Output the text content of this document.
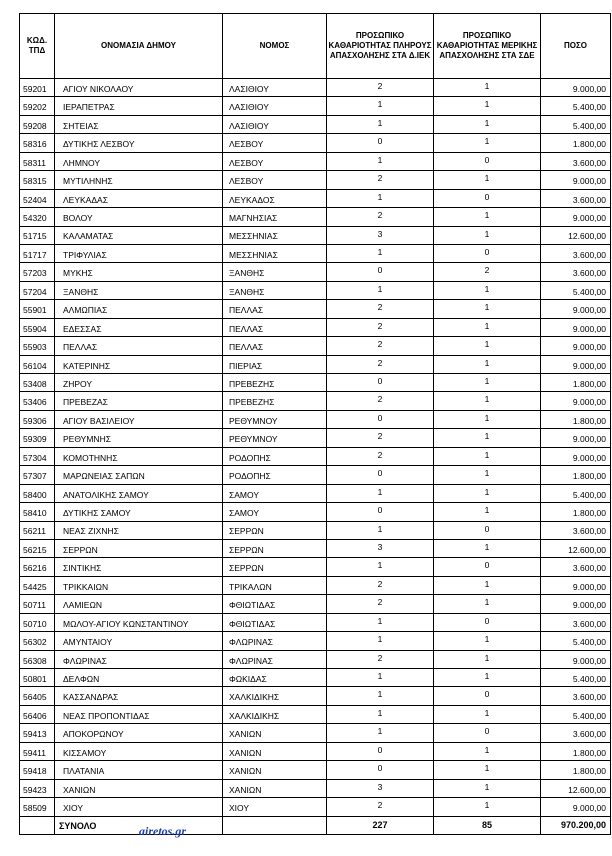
ΚΩΔ. ΤΠΔ	ΟΝΟΜΑΣΙΑ ΔΗΜΟΥ	ΝΟΜΟΣ	ΠΡΟΣΩΠΙΚΟ ΚΑΘΑΡΙΟΤΗΤΑΣ ΠΛΗΡΟΥΣ ΑΠΑΣΧΟΛΗΣΗΣ ΣΤΑ Δ.ΙΕΚ	ΠΡΟΣΩΠΙΚΟ ΚΑΘΑΡΙΟΤΗΤΑΣ ΜΕΡΙΚΗΣ ΑΠΑΣΧΟΛΗΣΗΣ ΣΤΑ ΣΔΕ	ΠΟΣΟ
59201	ΑΓΙΟΥ ΝΙΚΟΛΑΟΥ	ΛΑΣΙΘΙΟΥ	2	1	9.000,00
59202	ΙΕΡΑΠΕΤΡΑΣ	ΛΑΣΙΘΙΟΥ	1	1	5.400,00
59208	ΣΗΤΕΙΑΣ	ΛΑΣΙΘΙΟΥ	1	1	5.400,00
58316	ΔΥΤΙΚΗΣ ΛΕΣΒΟΥ	ΛΕΣΒΟΥ	0	1	1.800,00
58311	ΛΗΜΝΟΥ	ΛΕΣΒΟΥ	1	0	3.600,00
58315	ΜΥΤΙΛΗΝΗΣ	ΛΕΣΒΟΥ	2	1	9.000,00
52404	ΛΕΥΚΑΔΑΣ	ΛΕΥΚΑΔΟΣ	1	0	3.600,00
54320	ΒΟΛΟΥ	ΜΑΓΝΗΣΙΑΣ	2	1	9.000,00
51715	ΚΑΛΑΜΑΤΑΣ	ΜΕΣΣΗΝΙΑΣ	3	1	12.600,00
51717	ΤΡΙΦΥΛΙΑΣ	ΜΕΣΣΗΝΙΑΣ	1	0	3.600,00
57203	ΜΥΚΗΣ	ΞΑΝΘΗΣ	0	2	3.600,00
57204	ΞΑΝΘΗΣ	ΞΑΝΘΗΣ	1	1	5.400,00
55901	ΑΛΜΩΠΙΑΣ	ΠΕΛΛΑΣ	2	1	9.000,00
55904	ΕΔΕΣΣΑΣ	ΠΕΛΛΑΣ	2	1	9.000,00
55903	ΠΕΛΛΑΣ	ΠΕΛΛΑΣ	2	1	9.000,00
56104	ΚΑΤΕΡΙΝΗΣ	ΠΙΕΡΙΑΣ	2	1	9.000,00
53408	ΖΗΡΟΥ	ΠΡΕΒΕΖΗΣ	0	1	1.800,00
53406	ΠΡΕΒΕΖΑΣ	ΠΡΕΒΕΖΗΣ	2	1	9.000,00
59306	ΑΓΙΟΥ ΒΑΣΙΛΕΙΟΥ	ΡΕΘΥΜΝΟΥ	0	1	1.800,00
59309	ΡΕΘΥΜΝΗΣ	ΡΕΘΥΜΝΟΥ	2	1	9.000,00
57304	ΚΟΜΟΤΗΝΗΣ	ΡΟΔΟΠΗΣ	2	1	9.000,00
57307	ΜΑΡΩΝΕΙΑΣ ΣΑΠΩΝ	ΡΟΔΟΠΗΣ	0	1	1.800,00
58400	ΑΝΑΤΟΛΙΚΗΣ ΣΑΜΟΥ	ΣΑΜΟΥ	1	1	5.400,00
58410	ΔΥΤΙΚΗΣ ΣΑΜΟΥ	ΣΑΜΟΥ	0	1	1.800,00
56211	ΝΕΑΣ ΖΙΧΝΗΣ	ΣΕΡΡΩΝ	1	0	3.600,00
56215	ΣΕΡΡΩΝ	ΣΕΡΡΩΝ	3	1	12.600,00
56216	ΣΙΝΤΙΚΗΣ	ΣΕΡΡΩΝ	1	0	3.600,00
54425	ΤΡΙΚΚΑΙΩΝ	ΤΡΙΚΑΛΩΝ	2	1	9.000,00
50711	ΛΑΜΙΕΩΝ	ΦΘΙΩΤΙΔΑΣ	2	1	9.000,00
50710	ΜΩΛΟΥ-ΑΓΙΟΥ ΚΩΝΣΤΑΝΤΙΝΟΥ	ΦΘΙΩΤΙΔΑΣ	1	0	3.600,00
56302	ΑΜΥΝΤΑΙΟΥ	ΦΛΩΡΙΝΑΣ	1	1	5.400,00
56308	ΦΛΩΡΙΝΑΣ	ΦΛΩΡΙΝΑΣ	2	1	9.000,00
50801	ΔΕΛΦΩΝ	ΦΩΚΙΔΑΣ	1	1	5.400,00
56405	ΚΑΣΣΑΝΔΡΑΣ	ΧΑΛΚΙΔΙΚΗΣ	1	0	3.600,00
56406	ΝΕΑΣ ΠΡΟΠΟΝΤΙΔΑΣ	ΧΑΛΚΙΔΙΚΗΣ	1	1	5.400,00
59413	ΑΠΟΚΟΡΩΝΟΥ	ΧΑΝΙΩΝ	1	0	3.600,00
59411	ΚΙΣΣΑΜΟΥ	ΧΑΝΙΩΝ	0	1	1.800,00
59418	ΠΛΑΤΑΝΙΑ	ΧΑΝΙΩΝ	0	1	1.800,00
59423	ΧΑΝΙΩΝ	ΧΑΝΙΩΝ	3	1	12.600,00
58509	ΧΙΟΥ	ΧΙΟΥ	2	1	9.000,00
	ΣΥΝΟΛΟ		227	85	970.200,00
airetos.gr
